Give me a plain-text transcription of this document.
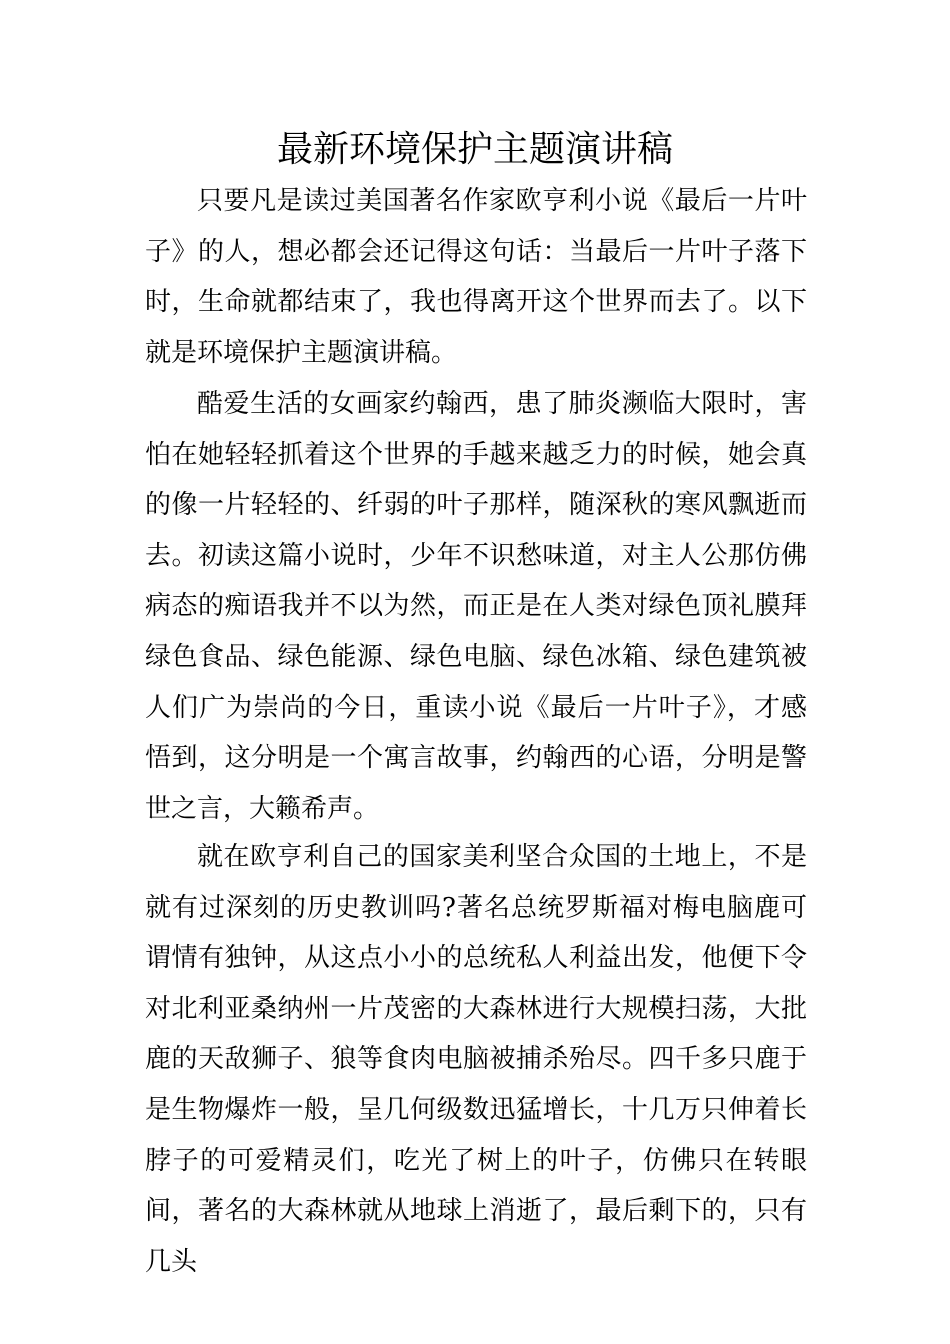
最新环境保护主题演讲稿

只要凡是读过美国著名作家欧亨利小说《最后一片叶子》的人，想必都会还记得这句话：当最后一片叶子落下时，生命就都结束了，我也得离开这个世界而去了。以下就是环境保护主题演讲稿。

酷爱生活的女画家约翰西，患了肺炎濒临大限时，害怕在她轻轻抓着这个世界的手越来越乏力的时候，她会真的像一片轻轻的、纤弱的叶子那样，随深秋的寒风飘逝而去。初读这篇小说时，少年不识愁味道，对主人公那仿佛病态的痴语我并不以为然，而正是在人类对绿色顶礼膜拜绿色食品、绿色能源、绿色电脑、绿色冰箱、绿色建筑被人们广为崇尚的今日，重读小说《最后一片叶子》，才感悟到，这分明是一个寓言故事，约翰西的心语，分明是警世之言，大籁希声。

就在欧亨利自己的国家美利坚合众国的土地上，不是就有过深刻的历史教训吗?著名总统罗斯福对梅电脑鹿可谓情有独钟，从这点小小的总统私人利益出发，他便下令对北利亚桑纳州一片茂密的大森林进行大规模扫荡，大批鹿的天敌狮子、狼等食肉电脑被捕杀殆尽。四千多只鹿于是生物爆炸一般，呈几何级数迅猛增长，十几万只伸着长脖子的可爱精灵们，吃光了树上的叶子，仿佛只在转眼间，著名的大森林就从地球上消逝了，最后剩下的，只有几头
